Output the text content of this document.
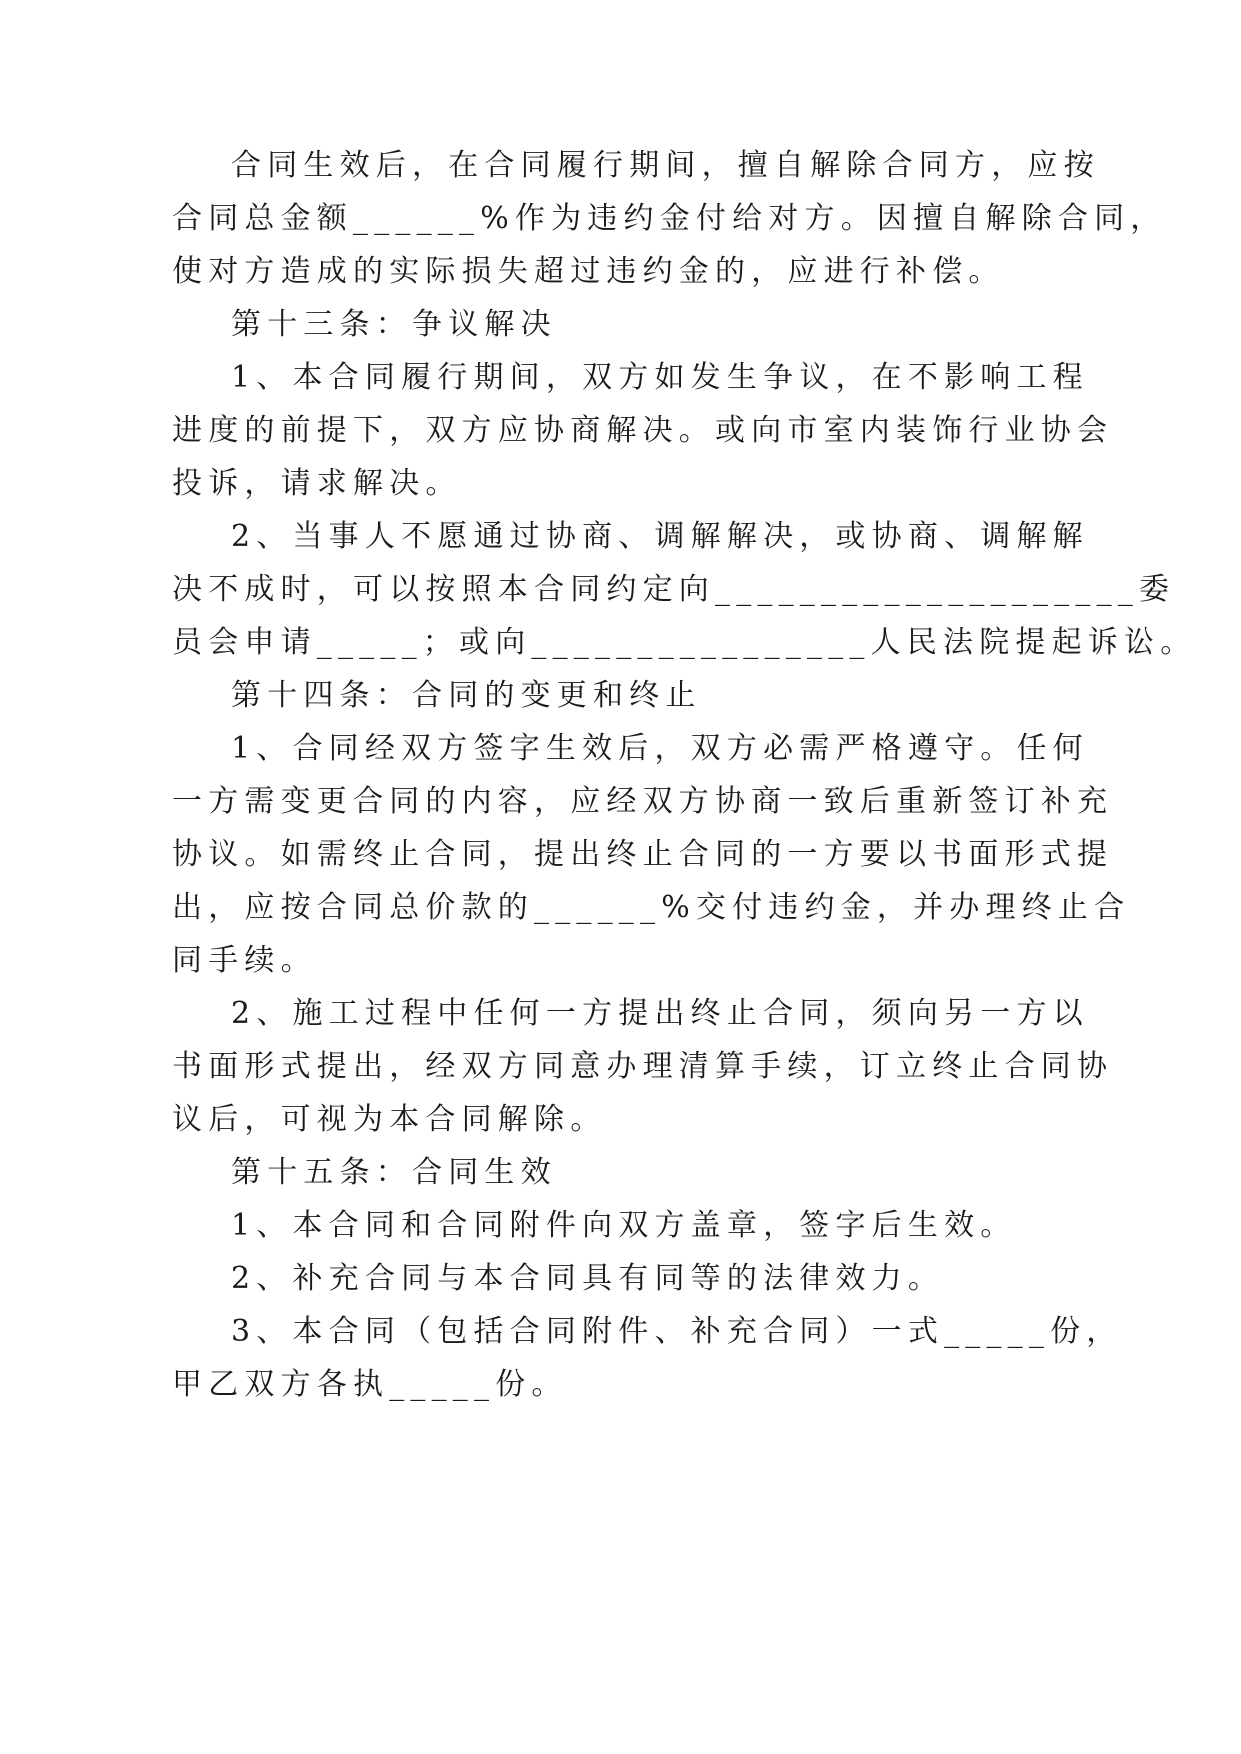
合同生效后，在合同履行期间，擅自解除合同方，应按
合同总金额______%作为违约金付给对方。因擅自解除合同，
使对方造成的实际损失超过违约金的，应进行补偿。
第十三条：争议解决
1、本合同履行期间，双方如发生争议，在不影响工程
进度的前提下，双方应协商解决。或向市室内装饰行业协会
投诉，请求解决。
2、当事人不愿通过协商、调解解决，或协商、调解解
决不成时，可以按照本合同约定向____________________委
员会申请_____；或向________________人民法院提起诉讼。
第十四条：合同的变更和终止
1、合同经双方签字生效后，双方必需严格遵守。任何
一方需变更合同的内容，应经双方协商一致后重新签订补充
协议。如需终止合同，提出终止合同的一方要以书面形式提
出，应按合同总价款的______%交付违约金，并办理终止合
同手续。
2、施工过程中任何一方提出终止合同，须向另一方以
书面形式提出，经双方同意办理清算手续，订立终止合同协
议后，可视为本合同解除。
第十五条：合同生效
1、本合同和合同附件向双方盖章，签字后生效。
2、补充合同与本合同具有同等的法律效力。
3、本合同（包括合同附件、补充合同）一式_____份，
甲乙双方各执_____份。
